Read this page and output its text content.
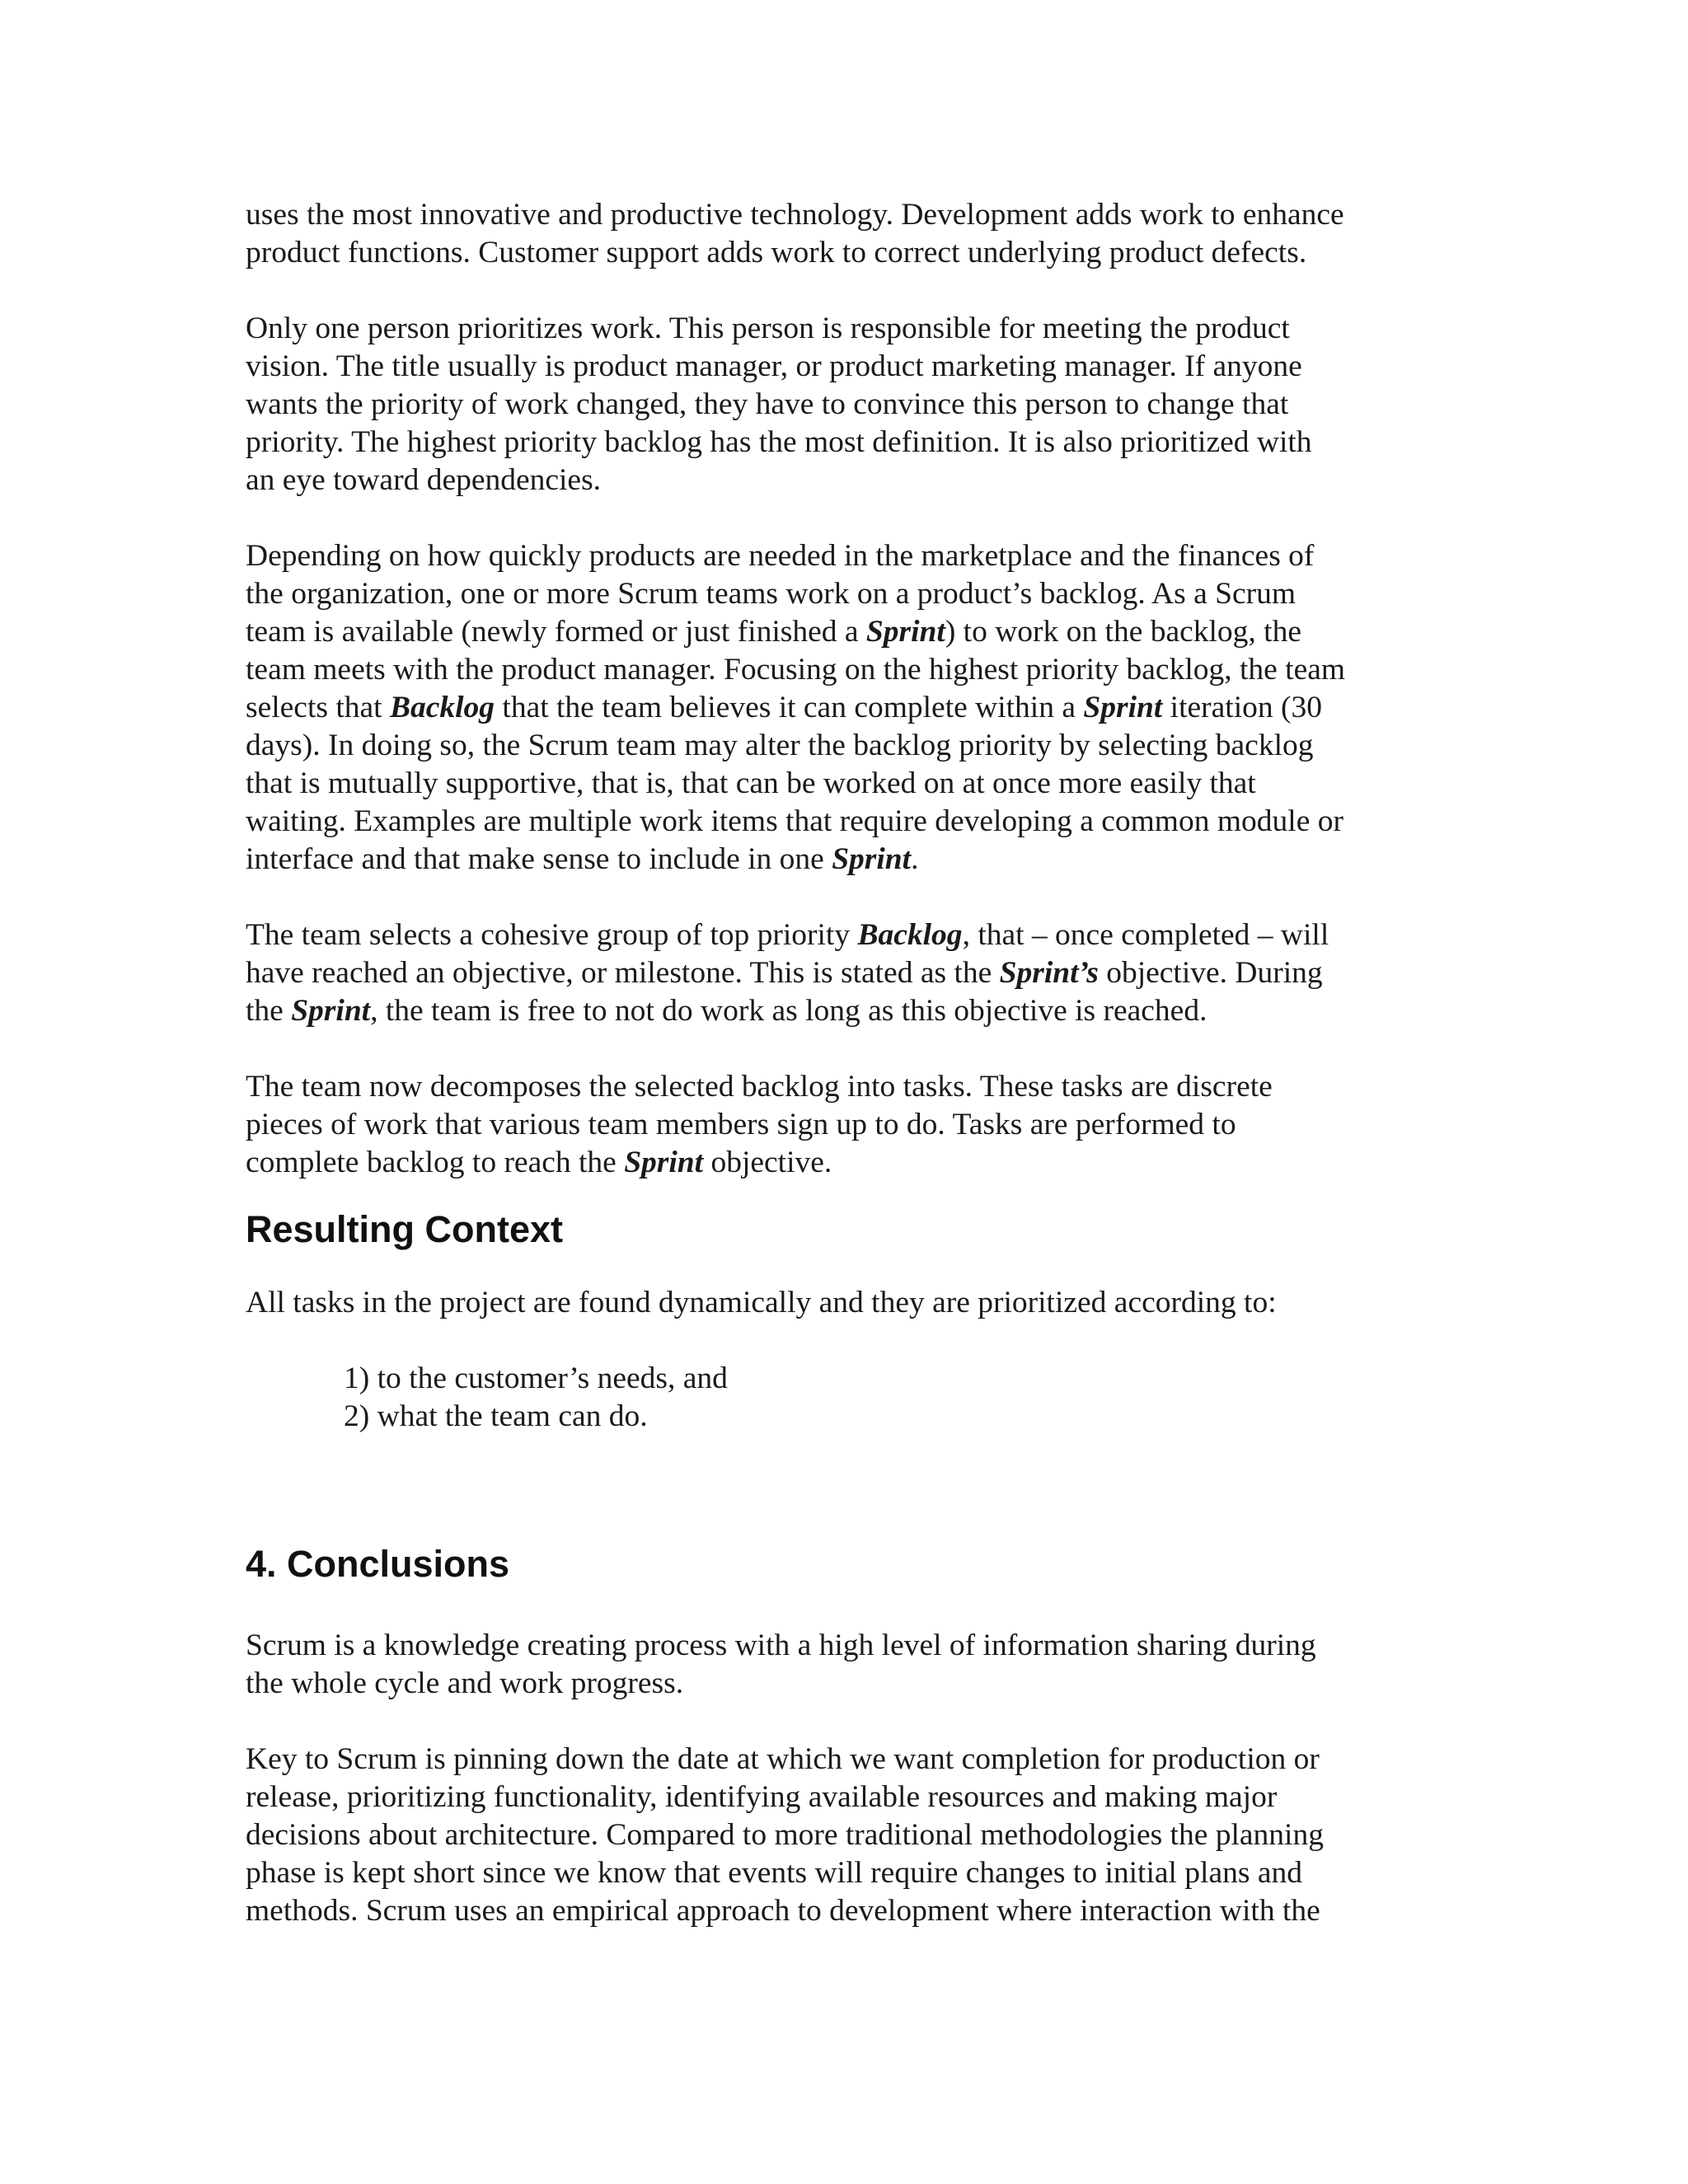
uses the most innovative and productive technology. Development adds work to enhance
product functions. Customer support adds work to correct underlying product defects.
Only one person prioritizes work. This person is responsible for meeting the product
vision. The title usually is product manager, or product marketing manager. If anyone
wants the priority of work changed, they have to convince this person to change that
priority. The highest priority backlog has the most definition. It is also prioritized with
an eye toward dependencies.
Depending on how quickly products are needed in the marketplace and the finances of
the organization, one or more Scrum teams work on a product’s backlog. As a Scrum
team is available (newly formed or just finished a Sprint) to work on the backlog, the
team meets with the product manager. Focusing on the highest priority backlog, the team
selects that Backlog that the team believes it can complete within a Sprint iteration (30
days). In doing so, the Scrum team may alter the backlog priority by selecting backlog
that is mutually supportive, that is, that can be worked on at once more easily that
waiting. Examples are multiple work items that require developing a common module or
interface and that make sense to include in one Sprint.
The team selects a cohesive group of top priority Backlog, that – once completed – will
have reached an objective, or milestone. This is stated as the Sprint’s objective. During
the Sprint, the team is free to not do work as long as this objective is reached.
The team now decomposes the selected backlog into tasks. These tasks are discrete
pieces of work that various team members sign up to do. Tasks are performed to
complete backlog to reach the Sprint objective.
Resulting Context
All tasks in the project are found dynamically and they are prioritized according to:
1) to the customer’s needs, and
2) what the team can do.
4. Conclusions
Scrum is a knowledge creating process with a high level of information sharing during
the whole cycle and work progress.
Key to Scrum is pinning down the date at which we want completion for production or
release, prioritizing functionality, identifying available resources and making major
decisions about architecture. Compared to more traditional methodologies the planning
phase is kept short since we know that events will require changes to initial plans and
methods. Scrum uses an empirical approach to development where interaction with the
